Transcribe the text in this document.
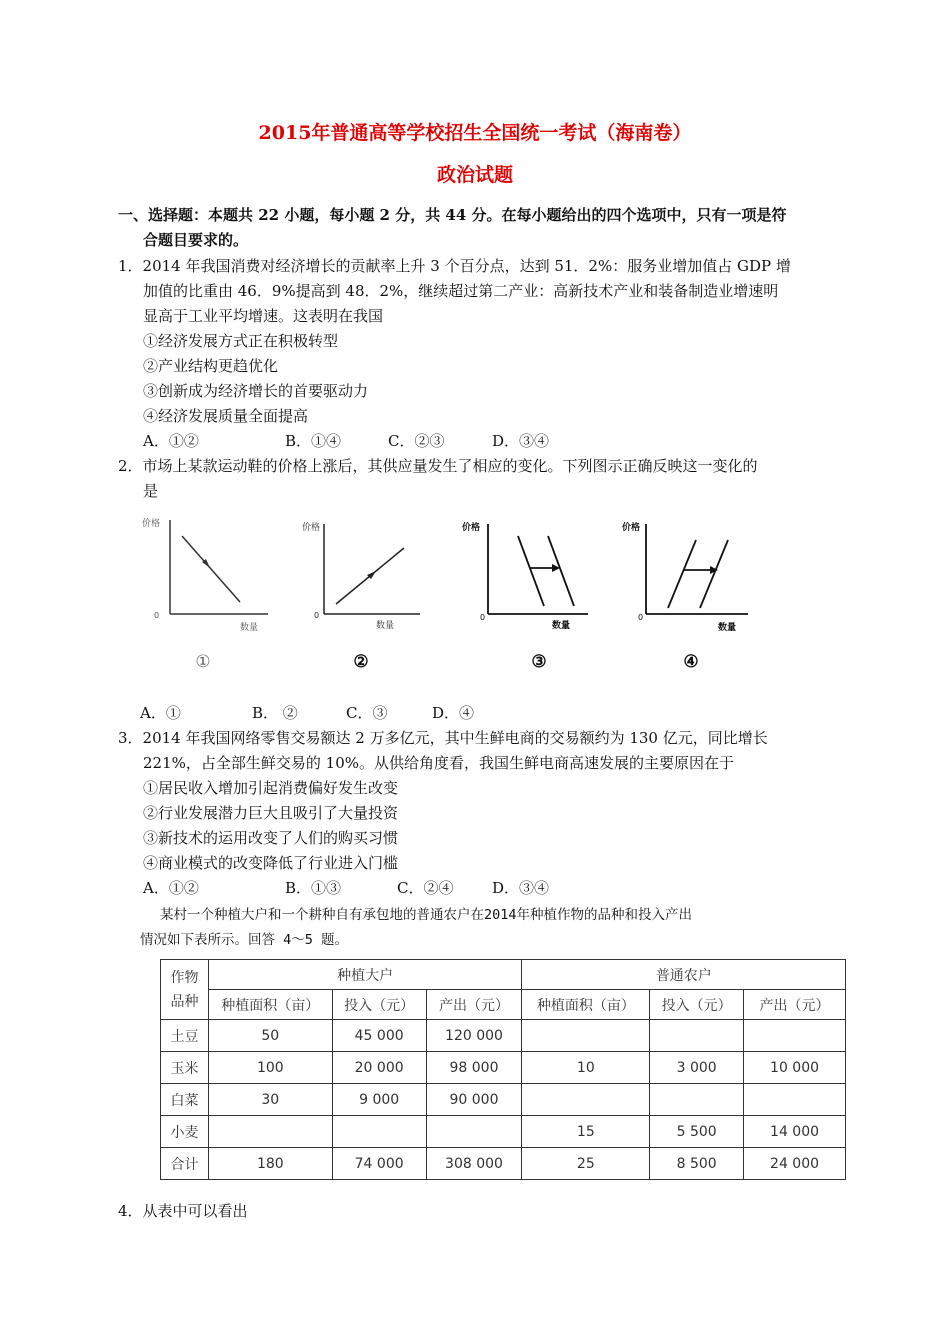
2015年普通高等学校招生全国统一考试（海南卷）
政治试题
一、选择题：本题共 22 小题，每小题 2 分，共 44 分。在每小题给出的四个选项中，只有一项是符
合题目要求的。
1．2014 年我国消费对经济增长的贡献率上升 3 个百分点，达到 51．2%：服务业增加值占 GDP 增
加值的比重由 46．9%提高到 48．2%，继续超过第二产业：高新技术产业和装备制造业增速明
显高于工业平均增速。这表明在我国
①经济发展方式正在积极转型
②产业结构更趋优化
③创新成为经济增长的首要驱动力
④经济发展质量全面提高
A．①②	B．①④	C．②③	D．③④
2．市场上某款运动鞋的价格上涨后，其供应量发生了相应的变化。下列图示正确反映这一变化的
是
价格
0
数量
价格
0
数量
价格
0
数量
价格
0
数量
①	②	③	④
A．①	B． ②	C．③	D．④
3．2014 年我国网络零售交易额达 2 万多亿元，其中生鲜电商的交易额约为 130 亿元，同比增长
221%，占全部生鲜交易的 10%。从供给角度看，我国生鲜电商高速发展的主要原因在于
①居民收入增加引起消费偏好发生改变
②行业发展潜力巨大且吸引了大量投资
③新技术的运用改变了人们的购买习惯
④商业模式的改变降低了行业进入门槛
A．①②	B．①③	C．②④	D．③④
某村一个种植大户和一个耕种自有承包地的普通农户在2014年种植作物的品种和投入产出
情况如下表所示。回答 4～5 题。
作物
品种	种植大户			普通农户		
	种植面积（亩）	投入（元）	产出（元）	种植面积（亩）	投入（元）	产出（元）
土豆	50	45 000	120 000			
玉米	100	20 000	98 000	10	3 000	10 000
白菜	30	9 000	90 000			
小麦				15	5 500	14 000
合计	180	74 000	308 000	25	8 500	24 000
4．从表中可以看出
